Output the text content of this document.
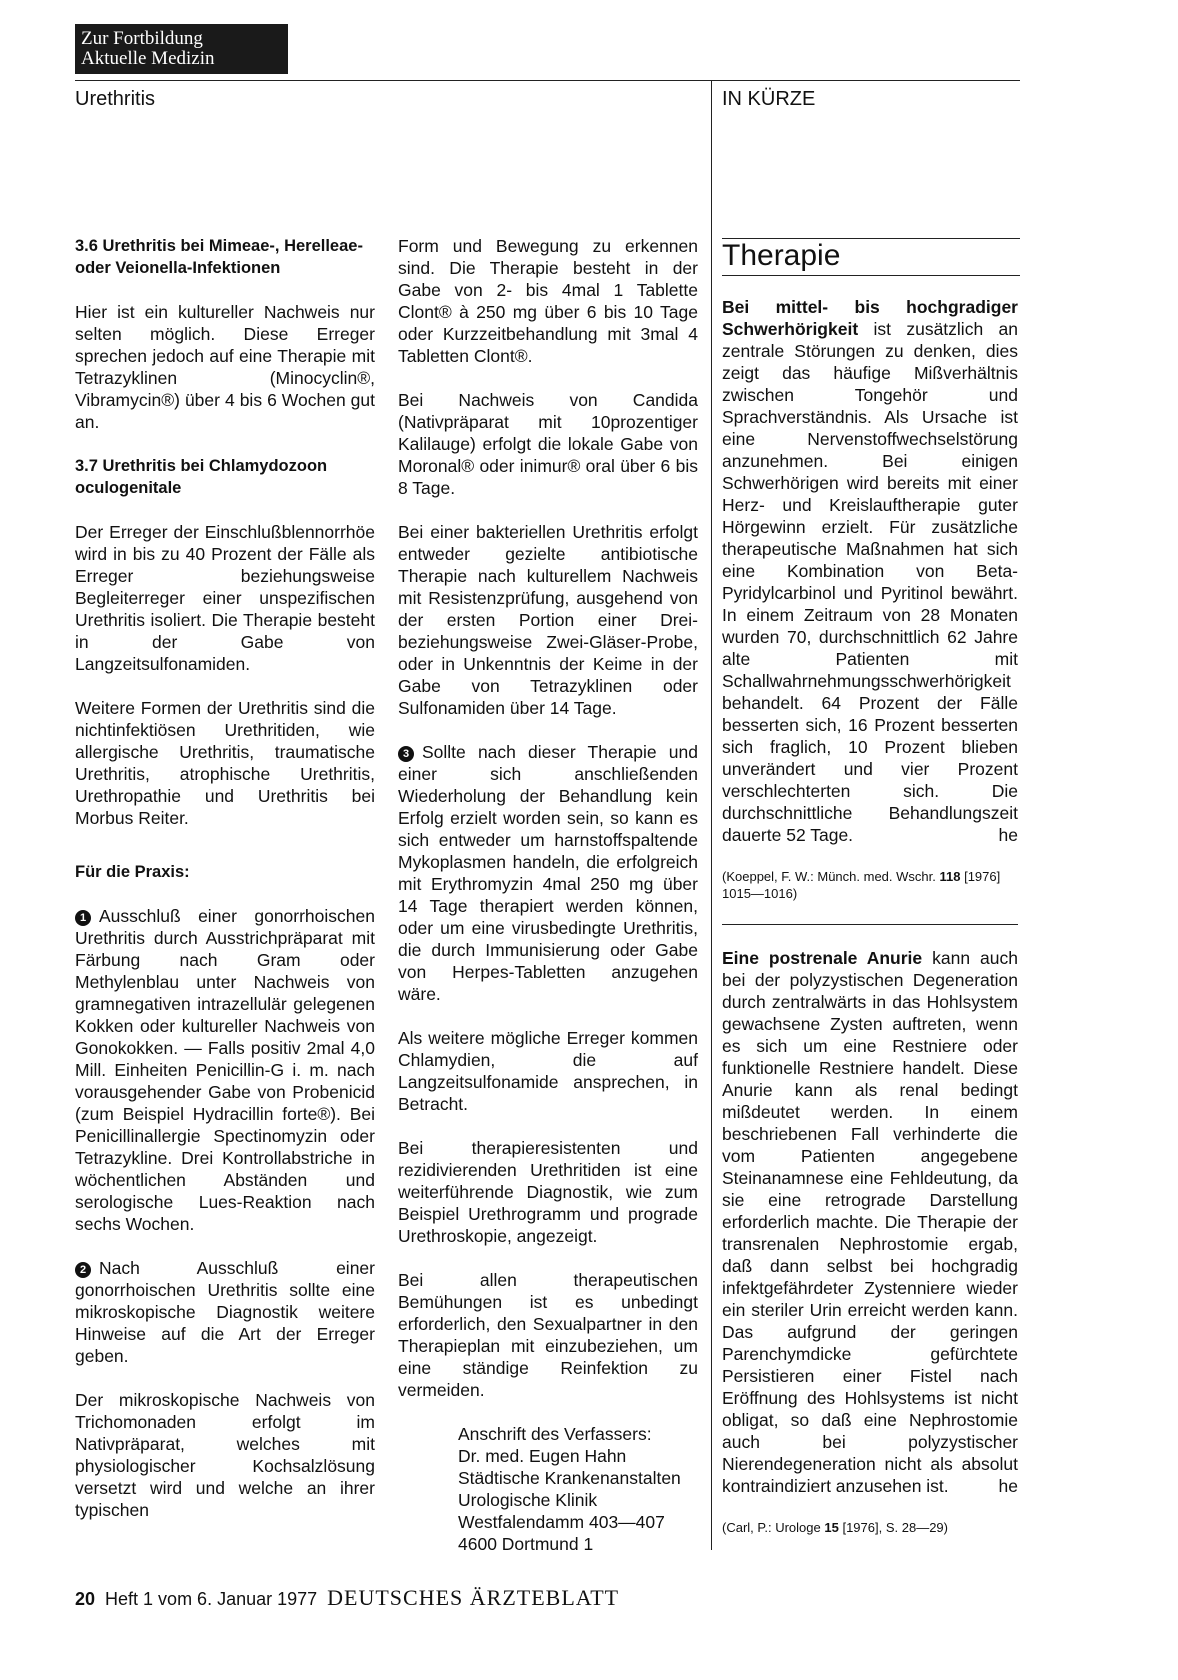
Zur Fortbildung
Aktuelle Medizin
Urethritis	IN KÜRZE
3.6 Urethritis bei Mimeae-, Herelleae- oder Veionella-Infektionen

Hier ist ein kultureller Nachweis nur selten möglich. Diese Erreger sprechen jedoch auf eine Therapie mit Tetrazyklinen (Minocyclin®, Vibramycin®) über 4 bis 6 Wochen gut an.

3.7 Urethritis bei Chlamydozoon oculogenitale

Der Erreger der Einschlußblennorrhöe wird in bis zu 40 Prozent der Fälle als Erreger beziehungsweise Begleiterreger einer unspezifischen Urethritis isoliert. Die Therapie besteht in der Gabe von Langzeitsulfonamiden.

Weitere Formen der Urethritis sind die nichtinfektiösen Urethritiden, wie allergische Urethritis, traumatische Urethritis, atrophische Urethritis, Urethropathie und Urethritis bei Morbus Reiter.

Für die Praxis:

1 Ausschluß einer gonorrhoischen Urethritis durch Ausstrichpräparat mit Färbung nach Gram oder Methylenblau unter Nachweis von gramnegativen intrazellulär gelegenen Kokken oder kultureller Nachweis von Gonokokken. — Falls positiv 2mal 4,0 Mill. Einheiten Penicillin-G i. m. nach vorausgehender Gabe von Probenicid (zum Beispiel Hydracillin forte®). Bei Penicillinallergie Spectinomyzin oder Tetrazykline. Drei Kontrollabstriche in wöchentlichen Abständen und serologische Lues-Reaktion nach sechs Wochen.

2 Nach Ausschluß einer gonorrhoischen Urethritis sollte eine mikroskopische Diagnostik weitere Hinweise auf die Art der Erreger geben.

Der mikroskopische Nachweis von Trichomonaden erfolgt im Nativpräparat, welches mit physiologischer Kochsalzlösung versetzt wird und welche an ihrer typischen

Form und Bewegung zu erkennen sind. Die Therapie besteht in der Gabe von 2- bis 4mal 1 Tablette Clont® à 250 mg über 6 bis 10 Tage oder Kurzzeitbehandlung mit 3mal 4 Tabletten Clont®.

Bei Nachweis von Candida (Nativpräparat mit 10prozentiger Kalilauge) erfolgt die lokale Gabe von Moronal® oder inimur® oral über 6 bis 8 Tage.

Bei einer bakteriellen Urethritis erfolgt entweder gezielte antibiotische Therapie nach kulturellem Nachweis mit Resistenzprüfung, ausgehend von der ersten Portion einer Drei- beziehungsweise Zwei-Gläser-Probe, oder in Unkenntnis der Keime in der Gabe von Tetrazyklinen oder Sulfonamiden über 14 Tage.

3 Sollte nach dieser Therapie und einer sich anschließenden Wiederholung der Behandlung kein Erfolg erzielt worden sein, so kann es sich entweder um harnstoffspaltende Mykoplasmen handeln, die erfolgreich mit Erythromyzin 4mal 250 mg über 14 Tage therapiert werden können, oder um eine virusbedingte Urethritis, die durch Immunisierung oder Gabe von Herpes-Tabletten anzugehen wäre.

Als weitere mögliche Erreger kommen Chlamydien, die auf Langzeitsulfonamide ansprechen, in Betracht.

Bei therapieresistenten und rezidivierenden Urethritiden ist eine weiterführende Diagnostik, wie zum Beispiel Urethrogramm und prograde Urethroskopie, angezeigt.

Bei allen therapeutischen Bemühungen ist es unbedingt erforderlich, den Sexualpartner in den Therapieplan mit einzubeziehen, um eine ständige Reinfektion zu vermeiden.

Anschrift des Verfassers:
Dr. med. Eugen Hahn
Städtische Krankenanstalten
Urologische Klinik
Westfalendamm 403—407
4600 Dortmund 1
Therapie

Bei mittel- bis hochgradiger Schwerhörigkeit ist zusätzlich an zentrale Störungen zu denken, dies zeigt das häufige Mißverhältnis zwischen Tongehör und Sprachverständnis. Als Ursache ist eine Nervenstoffwechselstörung anzunehmen. Bei einigen Schwerhörigen wird bereits mit einer Herz- und Kreislauftherapie guter Hörgewinn erzielt. Für zusätzliche therapeutische Maßnahmen hat sich eine Kombination von Beta-Pyridylcarbinol und Pyritinol bewährt. In einem Zeitraum von 28 Monaten wurden 70, durchschnittlich 62 Jahre alte Patienten mit Schallwahrnehmungsschwerhörigkeit behandelt. 64 Prozent der Fälle besserten sich, 16 Prozent besserten sich fraglich, 10 Prozent blieben unverändert und vier Prozent verschlechterten sich. Die durchschnittliche Behandlungszeit dauerte 52 Tage.	he

(Koeppel, F. W.: Münch. med. Wschr. 118 [1976] 1015—1016)

Eine postrenale Anurie kann auch bei der polyzystischen Degeneration durch zentralwärts in das Hohlsystem gewachsene Zysten auftreten, wenn es sich um eine Restniere oder funktionelle Restniere handelt. Diese Anurie kann als renal bedingt mißdeutet werden. In einem beschriebenen Fall verhinderte die vom Patienten angegebene Steinanamnese eine Fehldeutung, da sie eine retrograde Darstellung erforderlich machte. Die Therapie der transrenalen Nephrostomie ergab, daß dann selbst bei hochgradig infektgefährdeter Zystenniere wieder ein steriler Urin erreicht werden kann. Das aufgrund der geringen Parenchymdicke gefürchtete Persistieren einer Fistel nach Eröffnung des Hohlsystems ist nicht obligat, so daß eine Nephrostomie auch bei polyzystischer Nierendegeneration nicht als absolut kontraindiziert anzusehen ist.	he

(Carl, P.: Urologe 15 [1976], S. 28—29)
20 Heft 1 vom 6. Januar 1977 DEUTSCHES ÄRZTEBLATT
